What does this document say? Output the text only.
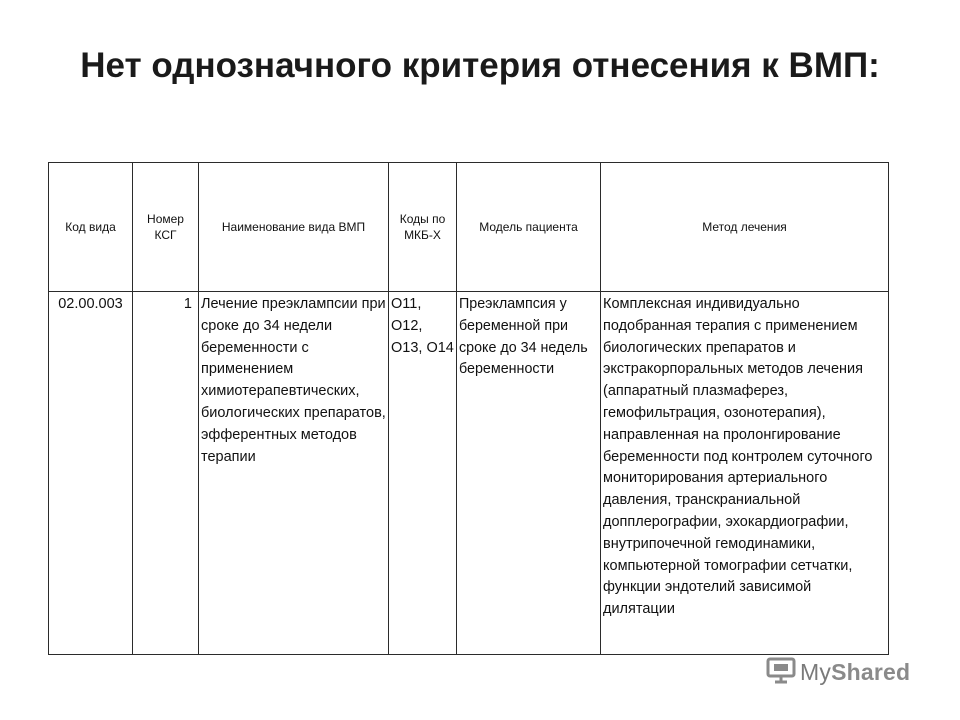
Нет однозначного критерия отнесения к ВМП:
Код вида	Номер КСГ	Наименование вида ВМП	Коды по МКБ-Х	Модель пациента	Метод лечения
02.00.003	1	Лечение преэклампсии при сроке до 34 недели беременности с применением химиотерапевтических, биологических препаратов, эфферентных методов терапии	O11, O12, O13, O14	Преэклампсия у беременной при сроке до 34 недель беременности	Комплексная индивидуально подобранная терапия с применением биологических препаратов и экстракорпоральных методов лечения (аппаратный плазмаферез, гемофильтрация, озонотерапия), направленная на пролонгирование беременности под контролем суточного мониторирования артериального давления, транскраниальной допплерографии, эхокардиографии, внутрипочечной гемодинамики, компьютерной томографии сетчатки, функции эндотелий зависимой дилятации
MyShared
